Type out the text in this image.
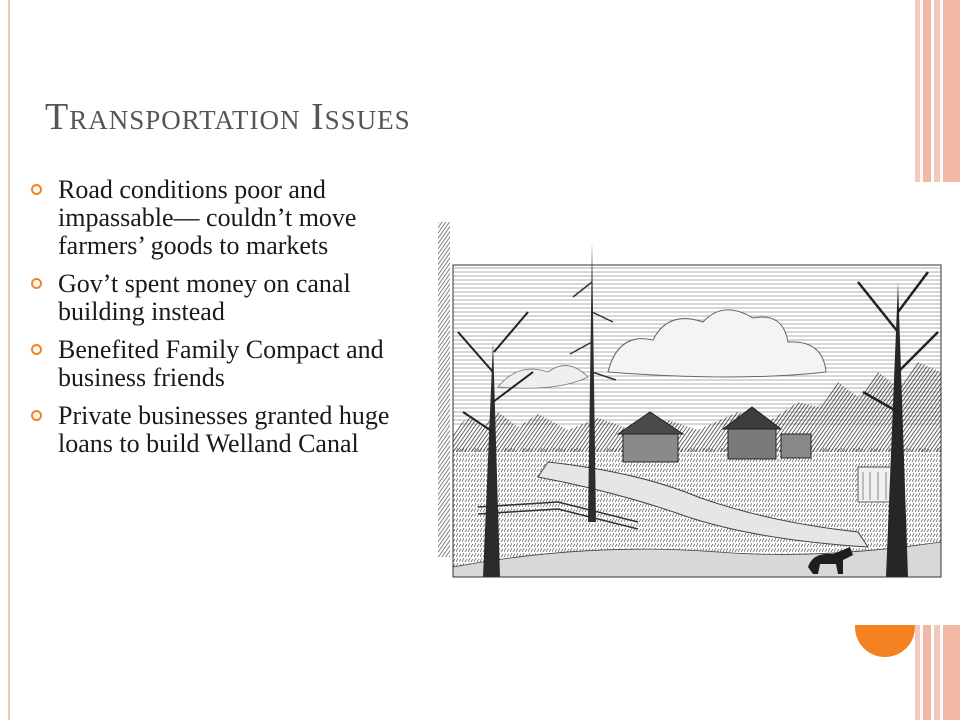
Transportation Issues
Road conditions poor and impassable— couldn’t move farmers’ goods to markets
Gov’t spent money on canal building instead
Benefited Family Compact and business friends
Private businesses granted huge loans to build Welland Canal
